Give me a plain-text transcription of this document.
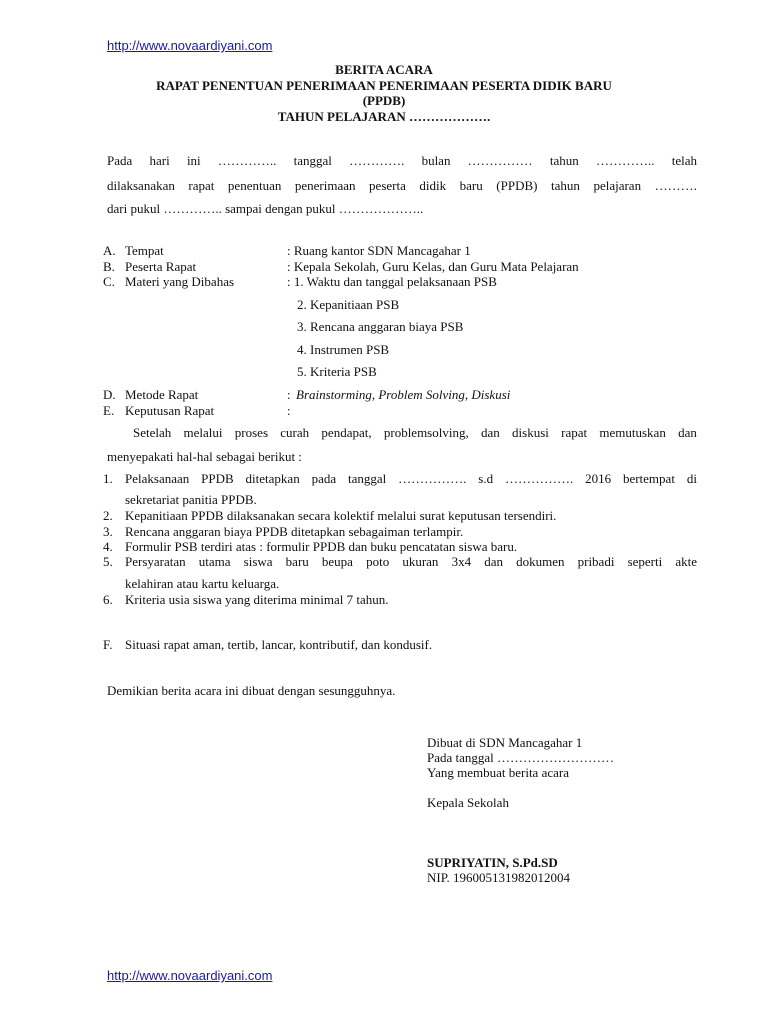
http://www.novaardiyani.com
BERITA ACARA
RAPAT PENENTUAN PENERIMAAN PENERIMAAN PESERTA DIDIK BARU
(PPDB)
TAHUN PELAJARAN ……………….
Pada hari ini ………….. tanggal …………. bulan …………… tahun ………….. telah
dilaksanakan rapat penentuan penerimaan peserta didik baru (PPDB) tahun pelajaran ……….
dari pukul ………….. sampai dengan pukul ………………..
A. Tempat	: Ruang kantor SDN Mancagahar 1
B. Peserta Rapat	: Kepala Sekolah, Guru Kelas, dan Guru Mata Pelajaran
C. Materi yang Dibahas	: 1. Waktu dan tanggal pelaksanaan PSB
2. Kepanitiaan PSB
3. Rencana anggaran biaya PSB
4. Instrumen PSB
5. Kriteria PSB
D. Metode Rapat	: Brainstorming, Problem Solving, Diskusi
E. Keputusan Rapat	:
Setelah melalui proses curah pendapat, problemsolving, dan diskusi rapat memutuskan dan
menyepakati hal-hal sebagai berikut :
1. Pelaksanaan PPDB ditetapkan pada tanggal ……………. s.d ……………. 2016 bertempat di
sekretariat panitia PPDB.
2. Kepanitiaan PPDB dilaksanakan secara kolektif melalui surat keputusan tersendiri.
3. Rencana anggaran biaya PPDB ditetapkan sebagaiman terlampir.
4. Formulir PSB terdiri atas : formulir PPDB dan buku pencatatan siswa baru.
5. Persyaratan utama siswa baru beupa poto ukuran 3x4 dan dokumen pribadi seperti akte
kelahiran atau kartu keluarga.
6. Kriteria usia siswa yang diterima minimal 7 tahun.
F. Situasi rapat aman, tertib, lancar, kontributif, dan kondusif.
Demikian berita acara ini dibuat dengan sesungguhnya.
Dibuat di SDN Mancagahar 1
Pada tanggal ………………………
Yang membuat berita acara
Kepala Sekolah
SUPRIYATIN, S.Pd.SD
NIP. 196005131982012004
http://www.novaardiyani.com
